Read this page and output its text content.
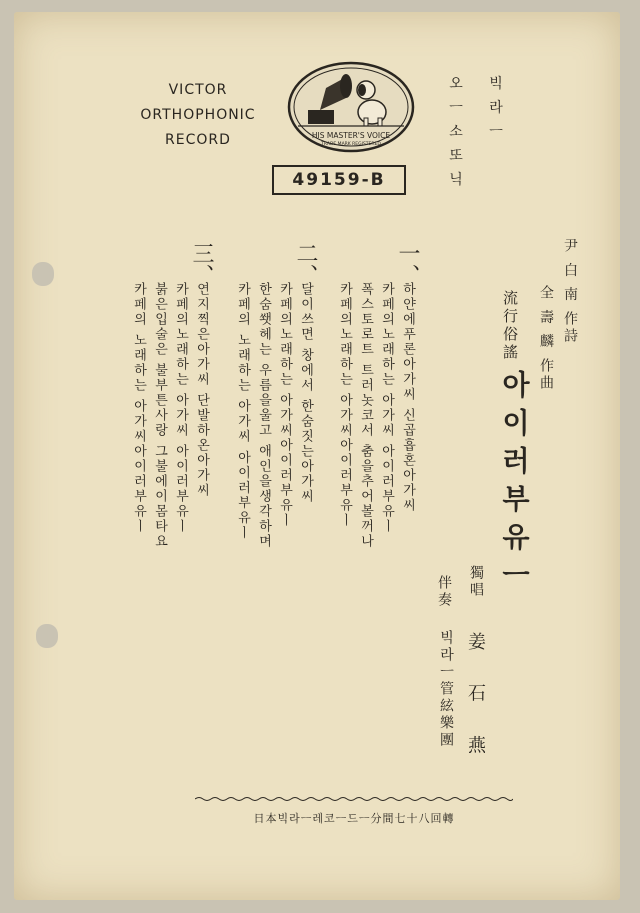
VICTOR
ORTHOPHONIC
RECORD	HIS MASTER'S VOICE
TRADE MARK REGISTERED
빅라ㅡ
오ㅡ소또닉
49159-B
尹 白 南 作詩
全 壽 麟 作曲
流行俗謠
아이러부유ㅡ
獨唱
姜 石 燕
伴奏
빅라ㅡ管絃樂團
一、
하얀에푸론아가씨 신곱흡혼아가씨
카페의노래하는 아가씨 아이러부유ㅣ
폭스토로트 트러놋코서 춤을추어볼꺼나
카페의노래하는 아가씨아이러부유ㅣ
二、
달이쓰면 창에서 한숨짓는아가씨
카페의노래하는 아가씨아이러부유ㅣ
한숨쐣헤는 우름을울고 애인을생각하며
카페의 노래하는 아가씨 아이러부유ㅣ
三、
연지찍은아가씨 단발하온아가씨
카페의노래하는 아가씨 아이러부유ㅣ
붉은입술은 불부튼사랑 그불에이몸타요
카페의 노래하는 아가씨아이러부유ㅣ
日本빅라ㅡ레코ㅡ드ㅡ分間七十八回轉
